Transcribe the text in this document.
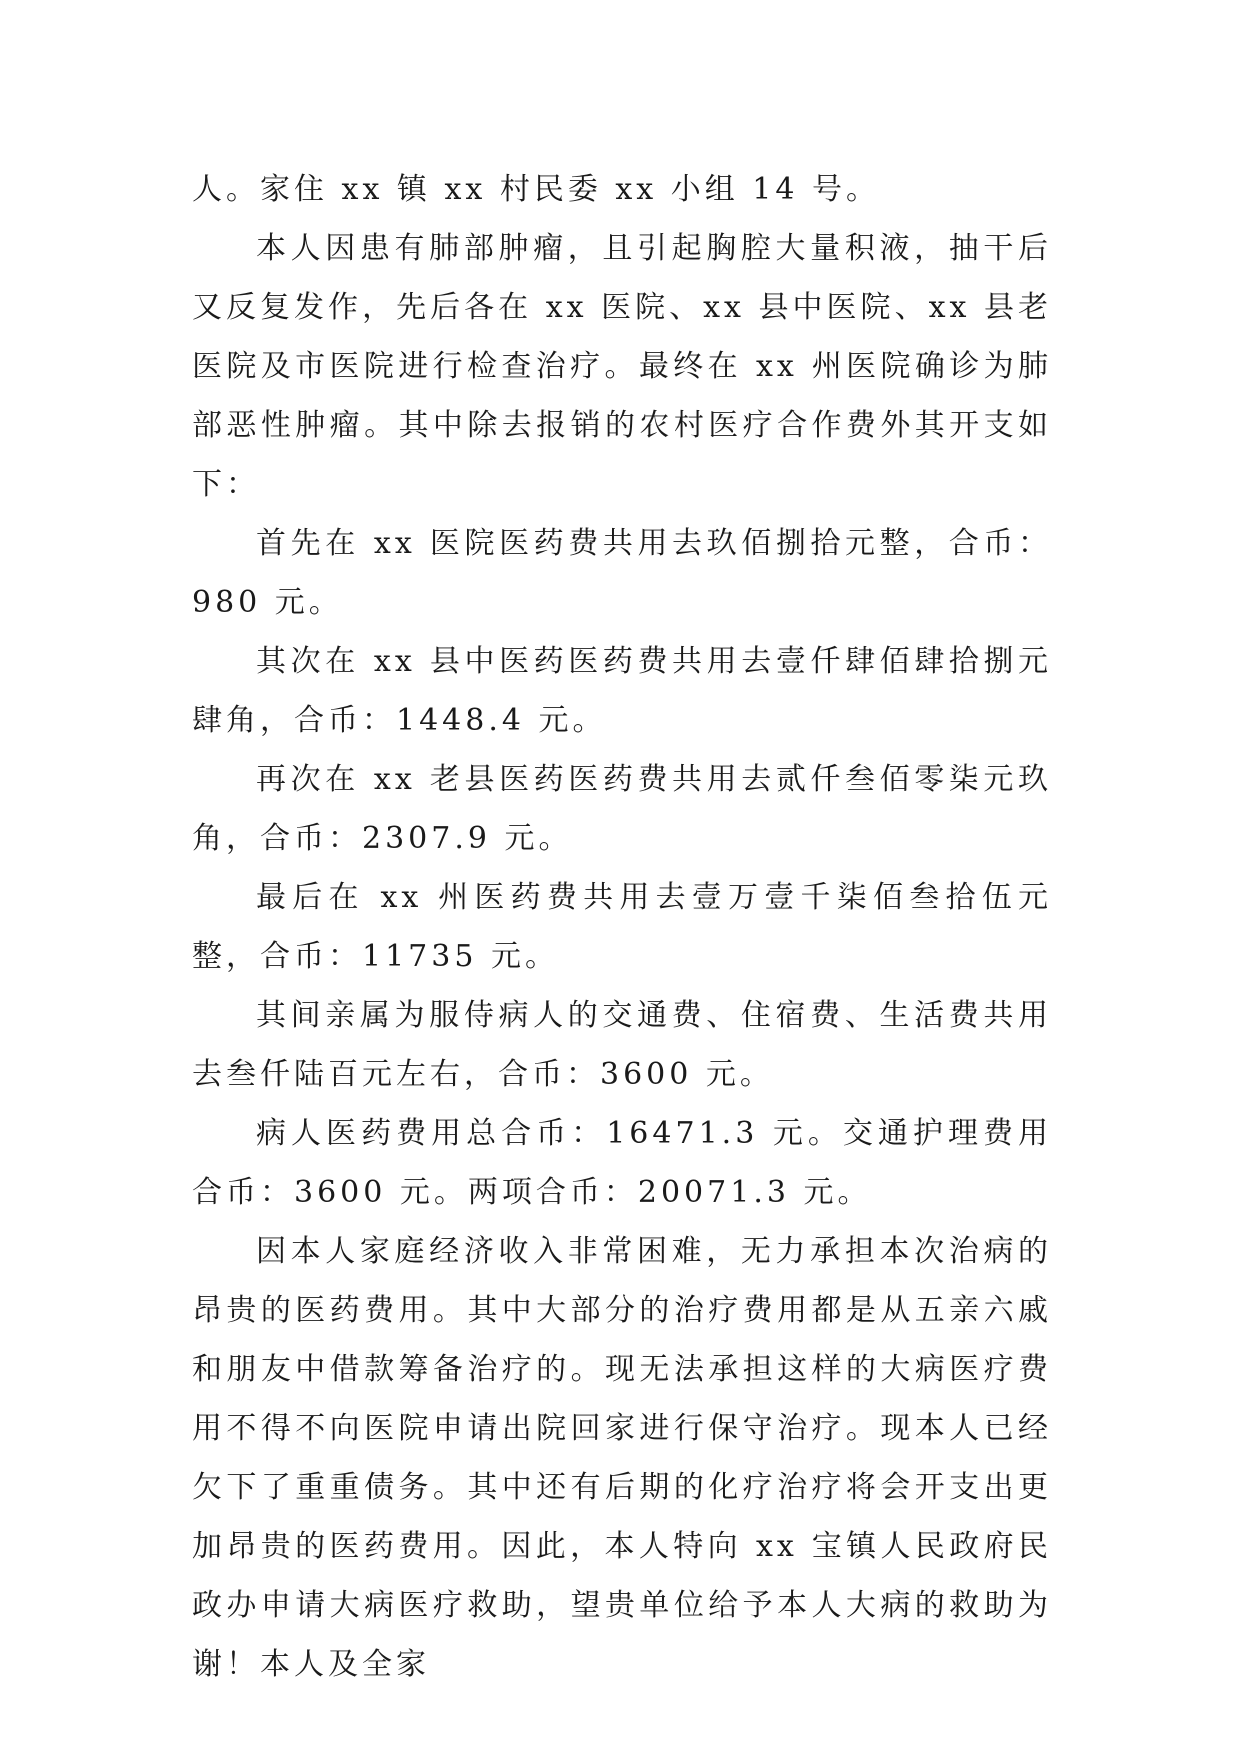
人。家住 xx 镇 xx 村民委 xx 小组 14 号。

本人因患有肺部肿瘤，且引起胸腔大量积液，抽干后又反复发作，先后各在 xx 医院、xx 县中医院、xx 县老医院及市医院进行检查治疗。最终在 xx 州医院确诊为肺部恶性肿瘤。其中除去报销的农村医疗合作费外其开支如下：

首先在 xx 医院医药费共用去玖佰捌拾元整，合币：980 元。

其次在 xx 县中医药医药费共用去壹仟肆佰肆拾捌元肆角，合币：1448.4 元。

再次在 xx 老县医药医药费共用去贰仟叁佰零柒元玖角，合币：2307.9 元。

最后在 xx 州医药费共用去壹万壹千柒佰叁拾伍元整，合币：11735 元。

其间亲属为服侍病人的交通费、住宿费、生活费共用去叁仟陆百元左右，合币：3600 元。

病人医药费用总合币：16471.3 元。交通护理费用合币：3600 元。两项合币：20071.3 元。

因本人家庭经济收入非常困难，无力承担本次治病的昂贵的医药费用。其中大部分的治疗费用都是从五亲六戚和朋友中借款筹备治疗的。现无法承担这样的大病医疗费用不得不向医院申请出院回家进行保守治疗。现本人已经欠下了重重债务。其中还有后期的化疗治疗将会开支出更加昂贵的医药费用。因此，本人特向 xx 宝镇人民政府民政办申请大病医疗救助，望贵单位给予本人大病的救助为谢！本人及全家
